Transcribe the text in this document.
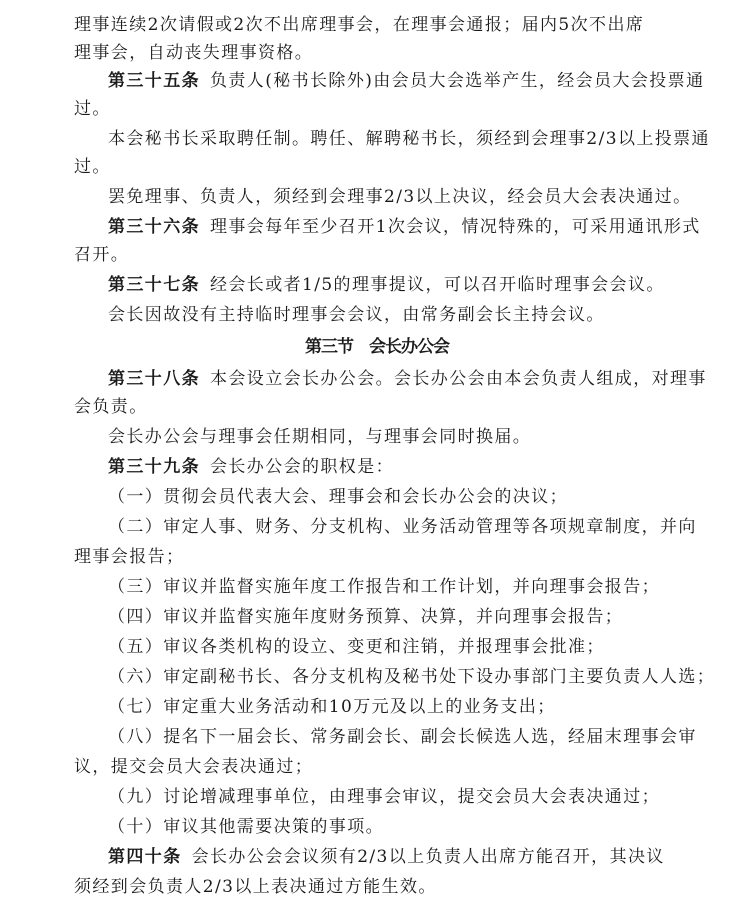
理事连续2次请假或2次不出席理事会，在理事会通报；届内5次不出席
理事会，自动丧失理事资格。
第三十五条 负责人(秘书长除外)由会员大会选举产生，经会员大会投票通
过。
本会秘书长采取聘任制。聘任、解聘秘书长，须经到会理事2/3以上投票通
过。
罢免理事、负责人，须经到会理事2/3以上决议，经会员大会表决通过。
第三十六条 理事会每年至少召开1次会议，情况特殊的，可采用通讯形式
召开。
第三十七条 经会长或者1/5的理事提议，可以召开临时理事会会议。
会长因故没有主持临时理事会会议，由常务副会长主持会议。
第三节　会长办公会
第三十八条 本会设立会长办公会。会长办公会由本会负责人组成，对理事
会负责。
会长办公会与理事会任期相同，与理事会同时换届。
第三十九条 会长办公会的职权是：
（一）贯彻会员代表大会、理事会和会长办公会的决议；
（二）审定人事、财务、分支机构、业务活动管理等各项规章制度，并向
理事会报告；
（三）审议并监督实施年度工作报告和工作计划，并向理事会报告；
（四）审议并监督实施年度财务预算、决算，并向理事会报告；
（五）审议各类机构的设立、变更和注销，并报理事会批准；
（六）审定副秘书长、各分支机构及秘书处下设办事部门主要负责人人选；
（七）审定重大业务活动和10万元及以上的业务支出；
（八）提名下一届会长、常务副会长、副会长候选人选，经届末理事会审
议，提交会员大会表决通过；
（九）讨论增减理事单位，由理事会审议，提交会员大会表决通过；
（十）审议其他需要决策的事项。
第四十条 会长办公会会议须有2/3以上负责人出席方能召开，其决议
须经到会负责人2/3以上表决通过方能生效。
